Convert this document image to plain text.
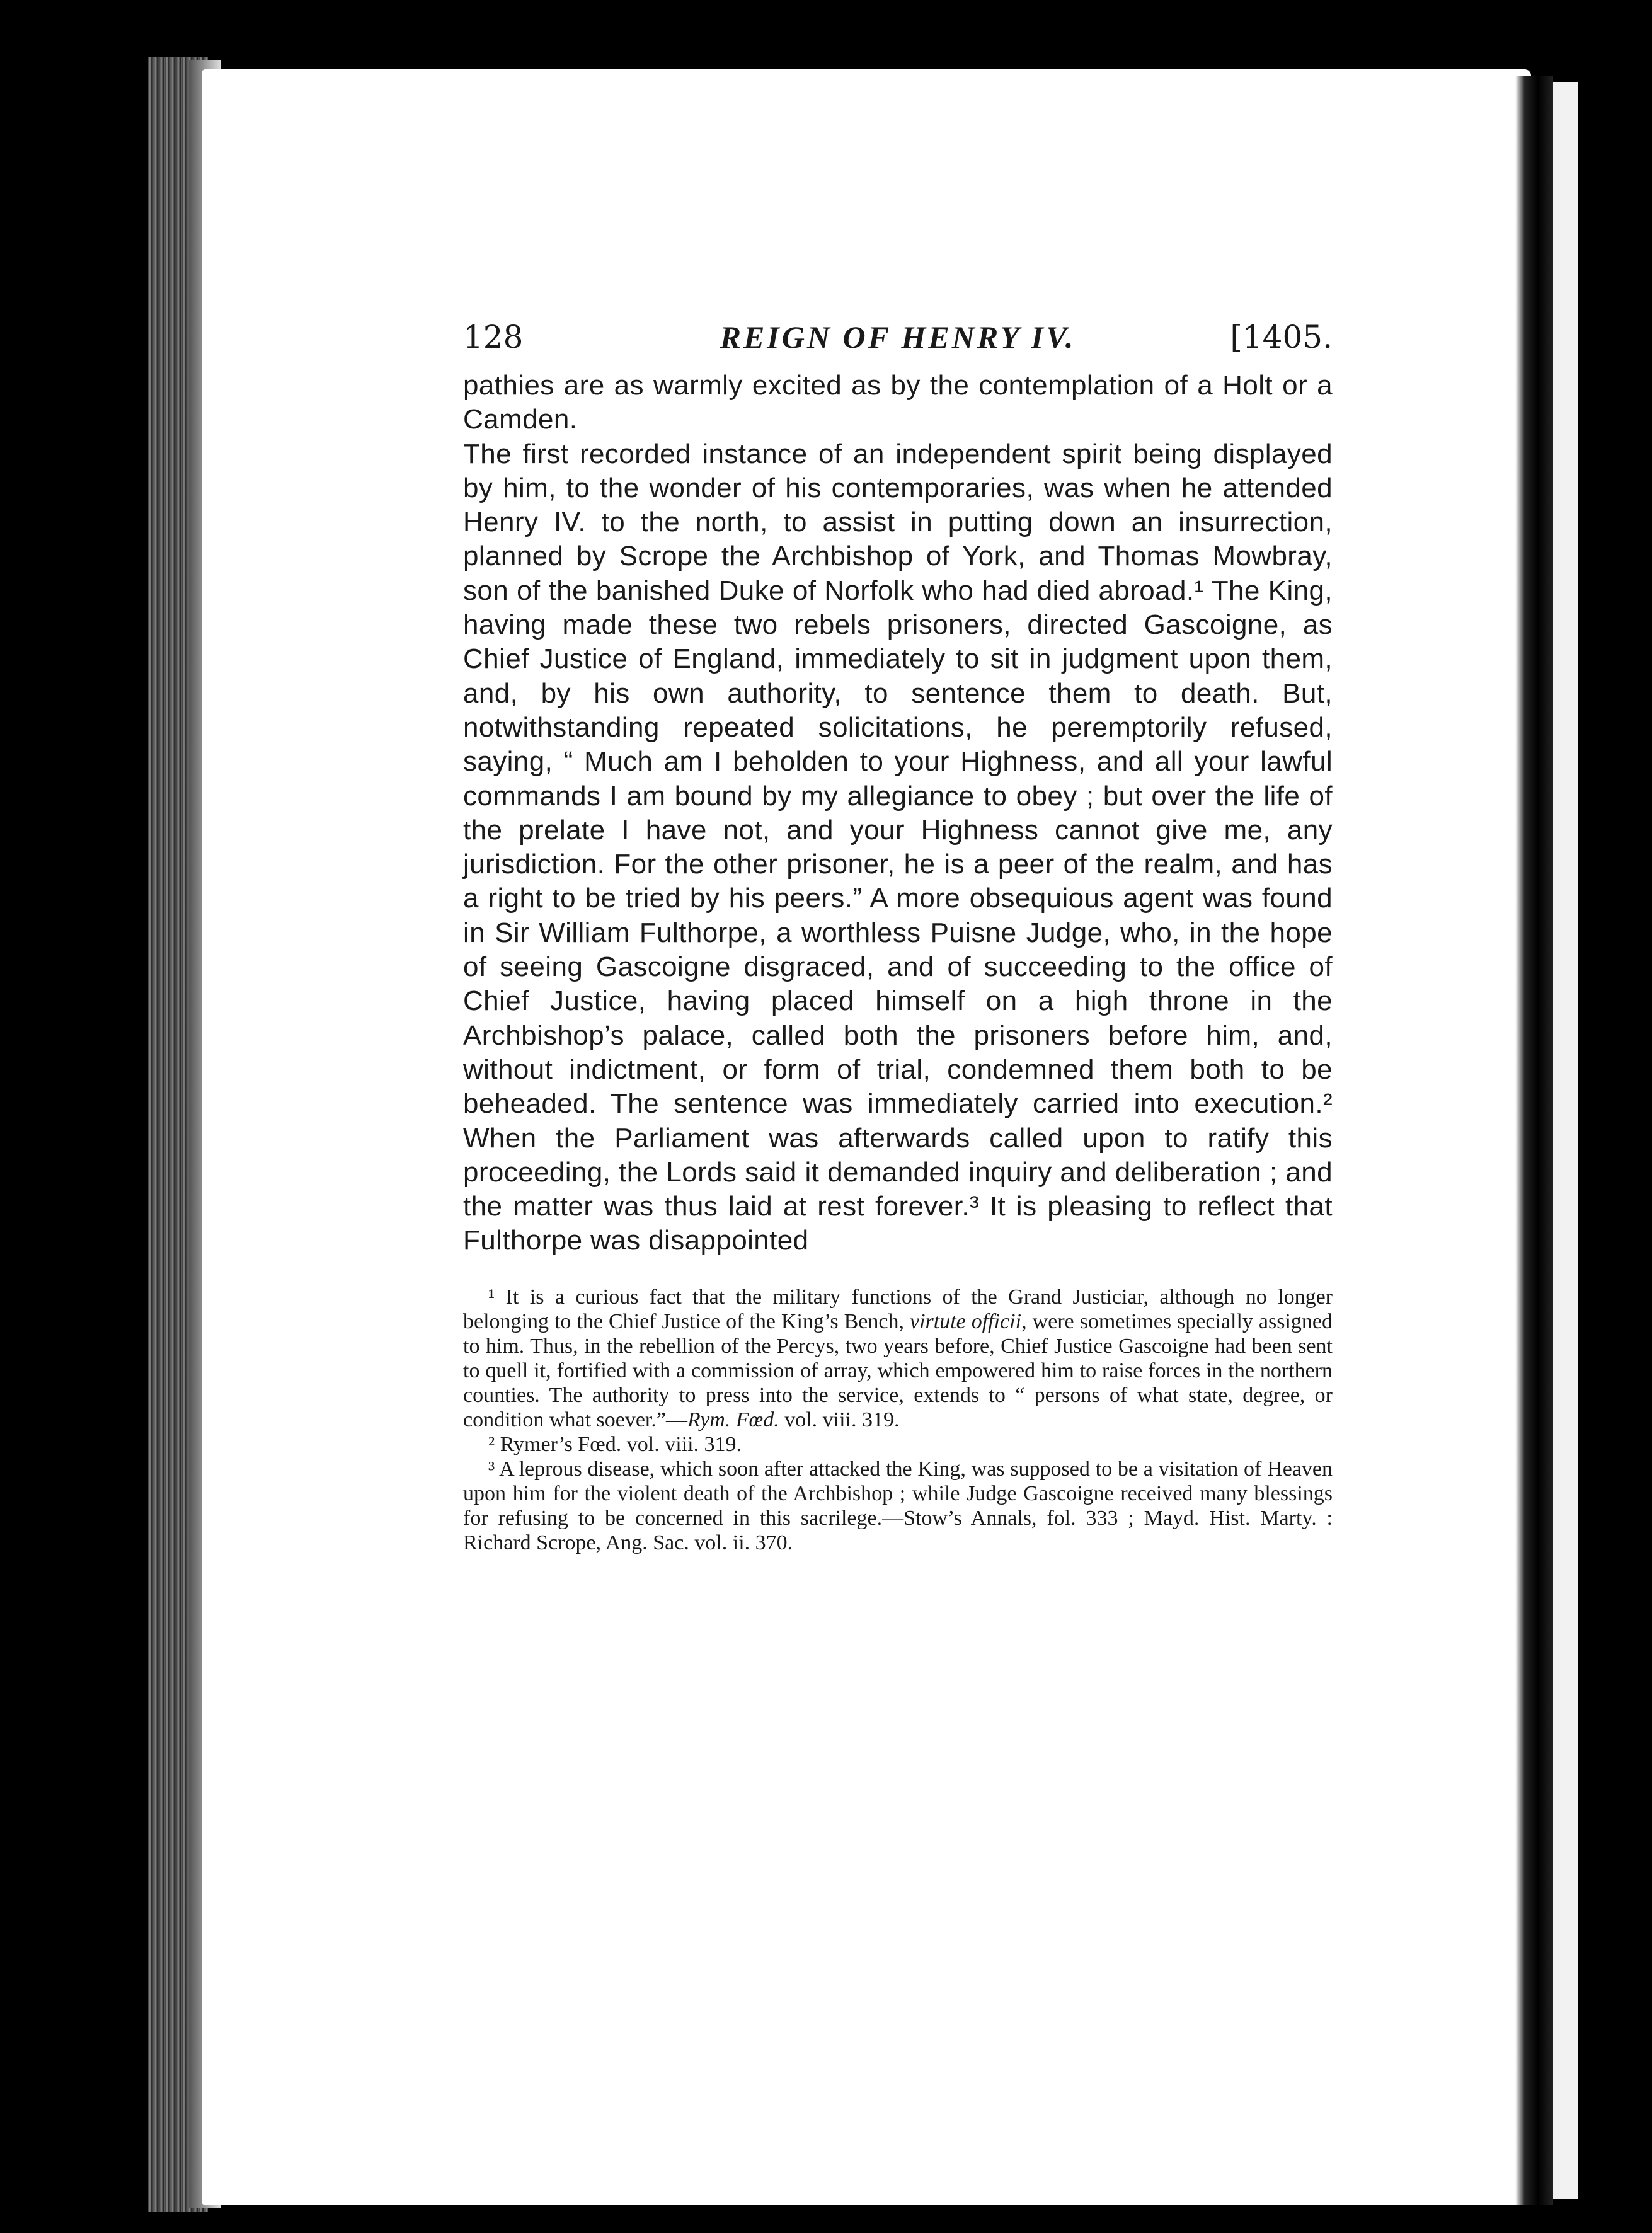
128	REIGN OF HENRY IV.	[1405.

pathies are as warmly excited as by the contemplation of a Holt or a Camden.

The first recorded instance of an independent spirit being displayed by him, to the wonder of his contemporaries, was when he attended Henry IV. to the north, to assist in putting down an insurrection, planned by Scrope the Archbishop of York, and Thomas Mowbray, son of the banished Duke of Norfolk who had died abroad.¹ The King, having made these two rebels prisoners, directed Gascoigne, as Chief Justice of England, immediately to sit in judgment upon them, and, by his own authority, to sentence them to death. But, notwithstanding repeated solicitations, he peremptorily refused, saying, “ Much am I beholden to your Highness, and all your lawful commands I am bound by my allegiance to obey ; but over the life of the prelate I have not, and your Highness cannot give me, any jurisdiction. For the other prisoner, he is a peer of the realm, and has a right to be tried by his peers.” A more obsequious agent was found in Sir William Fulthorpe, a worthless Puisne Judge, who, in the hope of seeing Gascoigne disgraced, and of succeeding to the office of Chief Justice, having placed himself on a high throne in the Archbishop’s palace, called both the prisoners before him, and, without indictment, or form of trial, condemned them both to be beheaded. The sentence was immediately carried into execution.² When the Parliament was afterwards called upon to ratify this proceeding, the Lords said it demanded inquiry and deliberation ; and the matter was thus laid at rest forever.³ It is pleasing to reflect that Fulthorpe was disappointed

¹ It is a curious fact that the military functions of the Grand Justiciar, although no longer belonging to the Chief Justice of the King’s Bench, virtute officii, were sometimes specially assigned to him. Thus, in the rebellion of the Percys, two years before, Chief Justice Gascoigne had been sent to quell it, fortified with a commission of array, which empowered him to raise forces in the northern counties. The authority to press into the service, extends to “ persons of what state, degree, or condition what soever.”—Rym. Fœd. vol. viii. 319.

² Rymer’s Fœd. vol. viii. 319.

³ A leprous disease, which soon after attacked the King, was supposed to be a visitation of Heaven upon him for the violent death of the Archbishop ; while Judge Gascoigne received many blessings for refusing to be concerned in this sacrilege.—Stow’s Annals, fol. 333 ; Mayd. Hist. Marty. : Richard Scrope, Ang. Sac. vol. ii. 370.
